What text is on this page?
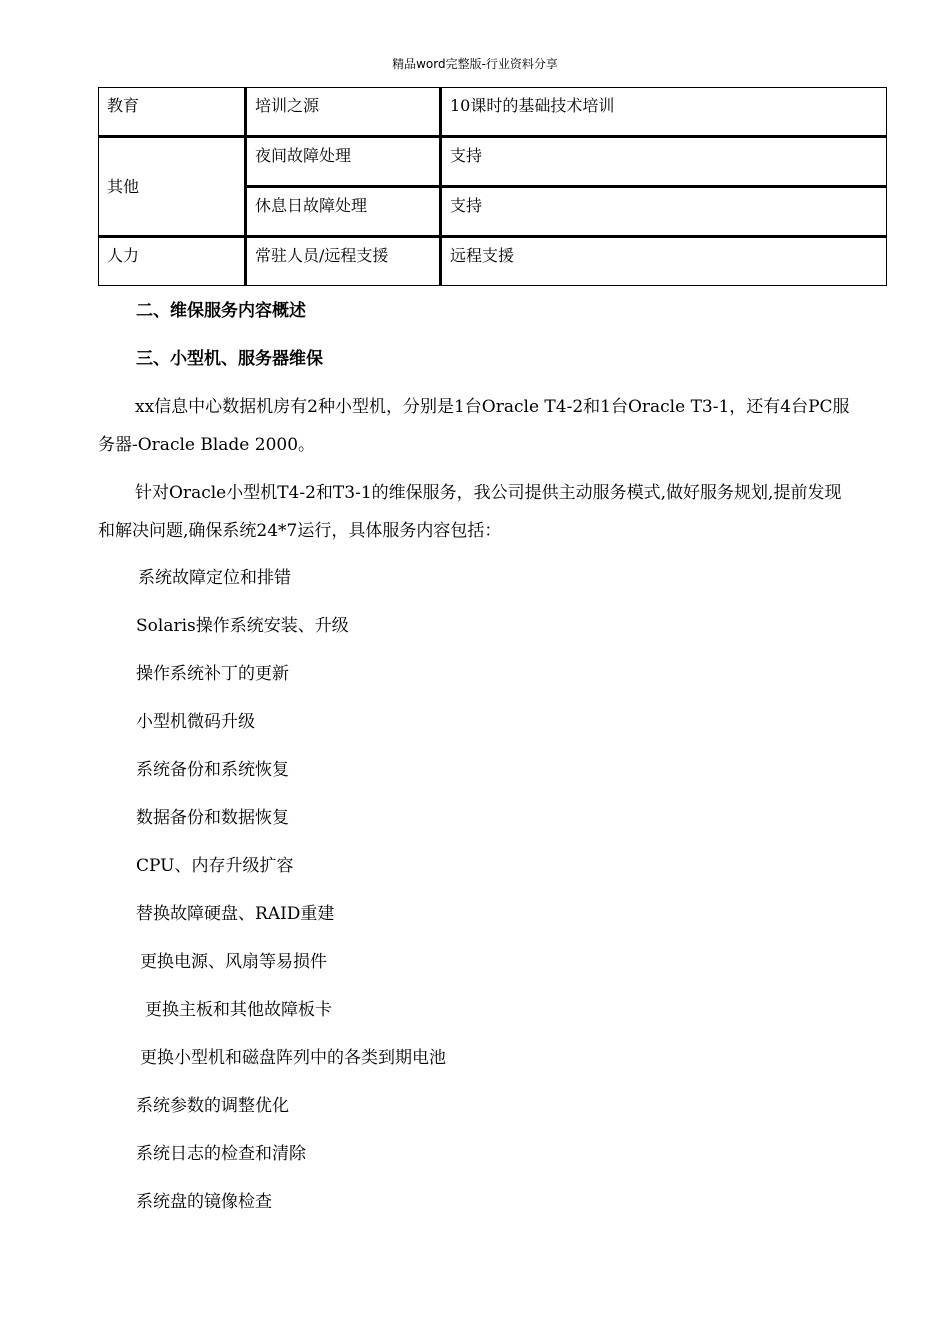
精品word完整版-行业资料分享
教育	培训之源	10课时的基础技术培训
其他	夜间故障处理	支持
	休息日故障处理	支持
人力	常驻人员/远程支援	远程支援
二、维保服务内容概述
三、小型机、服务器维保
xx信息中心数据机房有2种小型机，分别是1台Oracle T4-2和1台Oracle T3-1，还有4台PC服务器-Oracle Blade 2000。
针对Oracle小型机T4-2和T3-1的维保服务，我公司提供主动服务模式,做好服务规划,提前发现和解决问题,确保系统24*7运行，具体服务内容包括：
系统故障定位和排错
Solaris操作系统安装、升级
操作系统补丁的更新
小型机微码升级
系统备份和系统恢复
数据备份和数据恢复
CPU、内存升级扩容
替换故障硬盘、RAID重建
更换电源、风扇等易损件
更换主板和其他故障板卡
更换小型机和磁盘阵列中的各类到期电池
系统参数的调整优化
系统日志的检查和清除
系统盘的镜像检查
